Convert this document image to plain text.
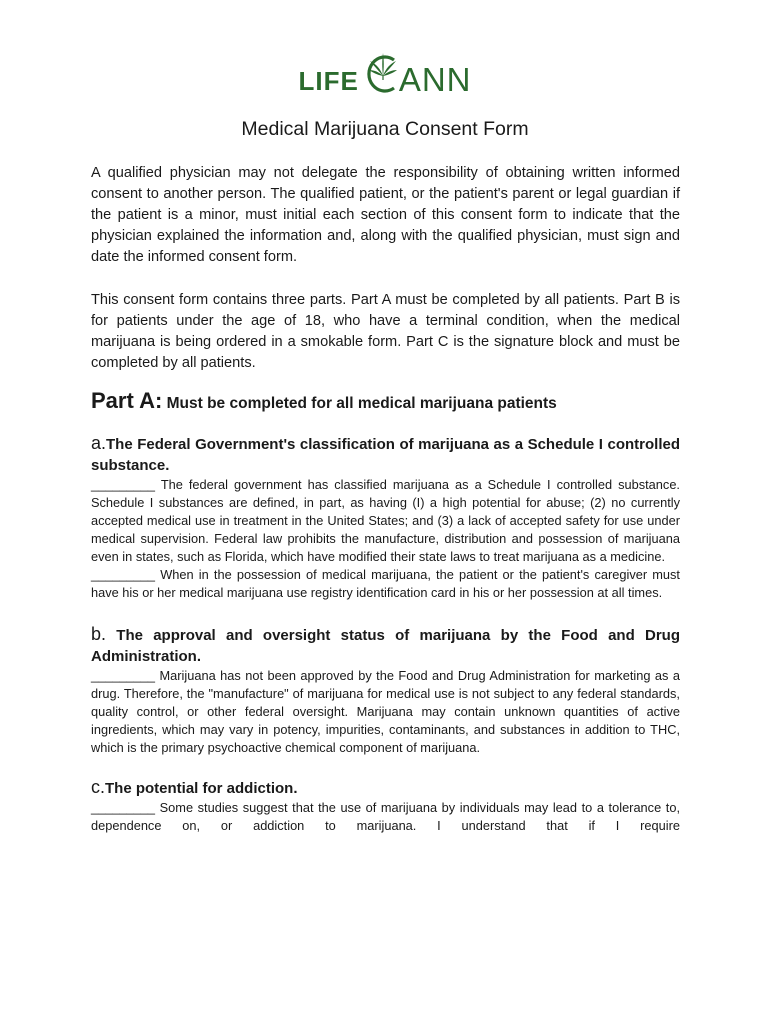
LIFE ANN
Medical Marijuana Consent Form

A qualified physician may not delegate the responsibility of obtaining written informed consent to another person. The qualified patient, or the patient's parent or legal guardian if the patient is a minor, must initial each section of this consent form to indicate that the physician explained the information and, along with the qualified physician, must sign and date the informed consent form.

This consent form contains three parts. Part A must be completed by all patients. Part B is for patients under the age of 18, who have a terminal condition, when the medical marijuana is being ordered in a smokable form. Part C is the signature block and must be completed by all patients.

Part A: Must be completed for all medical marijuana patients
a.The Federal Government's classification of marijuana as a Schedule I controlled substance.

_________ The federal government has classified marijuana as a Schedule I controlled substance. Schedule I substances are defined, in part, as having (I) a high potential for abuse; (2) no currently accepted medical use in treatment in the United States; and (3) a lack of accepted safety for use under medical supervision. Federal law prohibits the manufacture, distribution and possession of marijuana even in states, such as Florida, which have modified their state laws to treat marijuana as a medicine.

_________ When in the possession of medical marijuana, the patient or the patient's caregiver must have his or her medical marijuana use registry identification card in his or her possession at all times.

b. The approval and oversight status of marijuana by the Food and Drug Administration.

_________ Marijuana has not been approved by the Food and Drug Administration for marketing as a drug. Therefore, the "manufacture" of marijuana for medical use is not subject to any federal standards, quality control, or other federal oversight. Marijuana may contain unknown quantities of active ingredients, which may vary in potency, impurities, contaminants, and substances in addition to THC, which is the primary psychoactive chemical component of marijuana.

c.The potential for addiction.

_________ Some studies suggest that the use of marijuana by individuals may lead to a tolerance to, dependence on, or addiction to marijuana. I understand that if I require
